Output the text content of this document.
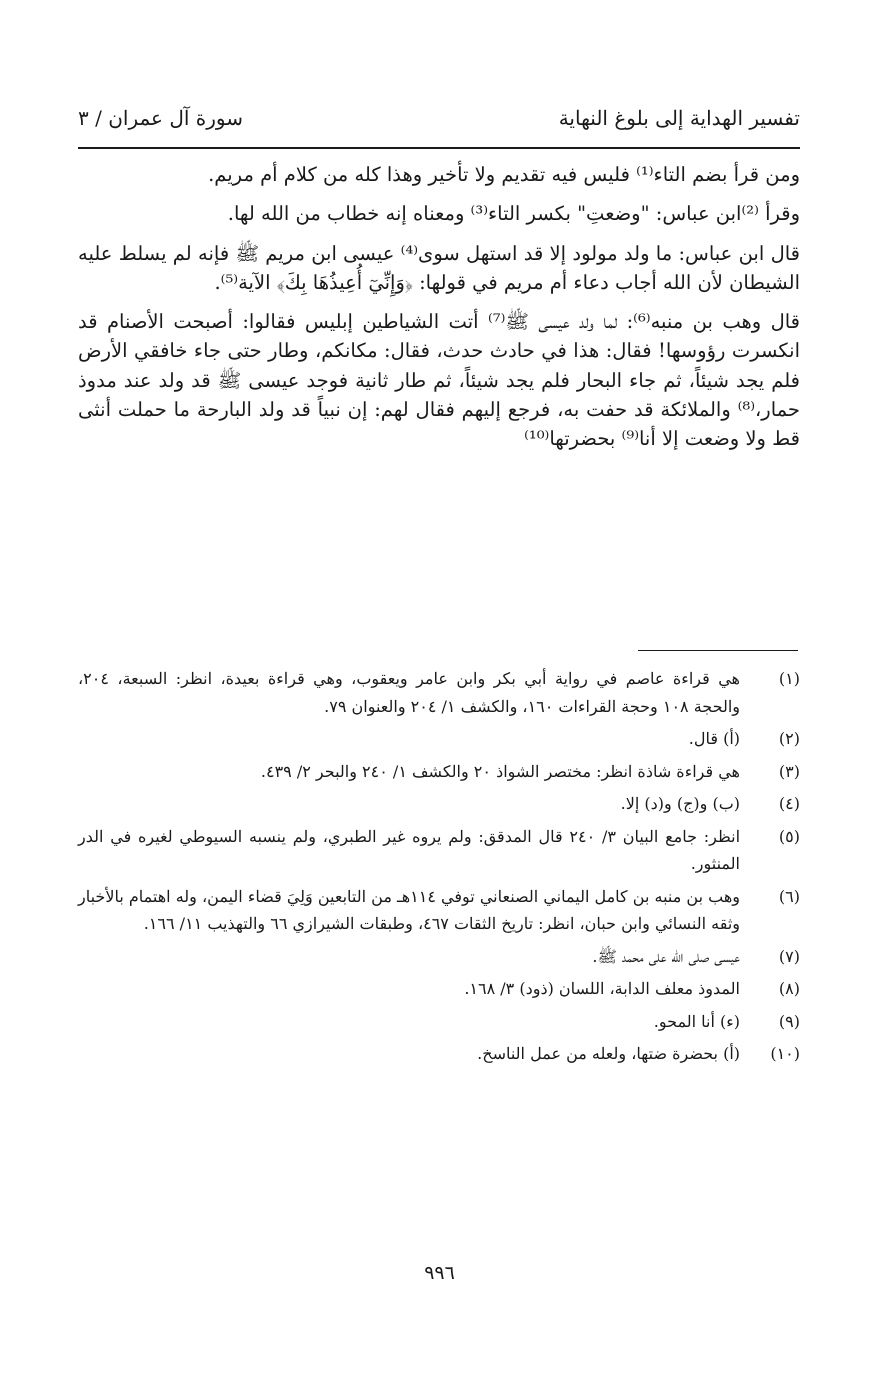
تفسير الهداية إلى بلوغ النهاية
سورة آل عمران / ٣

ومن قرأ بضم التاء⁽¹⁾ فليس فيه تقديم ولا تأخير وهذا كله من كلام أم مريم.

وقرأ ⁽²⁾ابن عباس: "وضعتِ" بكسر التاء⁽³⁾ ومعناه إنه خطاب من الله لها.

قال ابن عباس: ما ولد مولود إلا قد استهل سوى⁽⁴⁾ عيسى ابن مريم ﷺ فإنه لم يسلط عليه الشيطان لأن الله أجاب دعاء أم مريم في قولها: ﴿وَإِنِّيٓ أُعِيذُهَا بِكَ﴾ الآية⁽⁵⁾.

قال وهب بن منبه⁽⁶⁾: لما ولد عيسى ﷺ⁽⁷⁾ أتت الشياطين إبليس فقالوا: أصبحت الأصنام قد انكسرت رؤوسها! فقال: هذا في حادث حدث، فقال: مكانكم، وطار حتى جاء خافقي الأرض فلم يجد شيئاً، ثم جاء البحار فلم يجد شيئاً، ثم طار ثانية فوجد عيسى ﷺ قد ولد عند مدوذ حمار،⁽⁸⁾ والملائكة قد حفت به، فرجع إليهم فقال لهم: إن نبياً قد ولد البارحة ما حملت أنثى قط ولا وضعت إلا أنا⁽⁹⁾ بحضرتها⁽¹⁰⁾

(١)
هي قراءة عاصم في رواية أبي بكر وابن عامر ويعقوب، وهي قراءة بعيدة، انظر: السبعة، ٢٠٤، والحجة ١٠٨ وحجة القراءات ١٦٠، والكشف ١/ ٢٠٤ والعنوان ٧٩.
(٢)
(أ) قال.
(٣)
هي قراءة شاذة انظر: مختصر الشواذ ٢٠ والكشف ١/ ٢٤٠ والبحر ٢/ ٤٣٩.
(٤)
(ب) و(ج) و(د) إلا.
(٥)
انظر: جامع البيان ٣/ ٢٤٠ قال المدقق: ولم يروه غير الطبري، ولم ينسبه السيوطي لغيره في الدر المنثور.
(٦)
وهب بن منبه بن كامل اليماني الصنعاني توفي ١١٤هـ من التابعين وَلِيَ قضاء اليمن، وله اهتمام بالأخبار وثقه النسائي وابن حبان، انظر: تاريخ الثقات ٤٦٧، وطبقات الشيرازي ٦٦ والتهذيب ١١/ ١٦٦.
(٧)
عيسى صلى الله على محمد ﷺ.
(٨)
المدوذ معلف الدابة، اللسان (ذود) ٣/ ١٦٨.
(٩)
(ء) أنا المحو.
(١٠)
(أ) بحضرة ضتها، ولعله من عمل الناسخ.
٩٩٦
